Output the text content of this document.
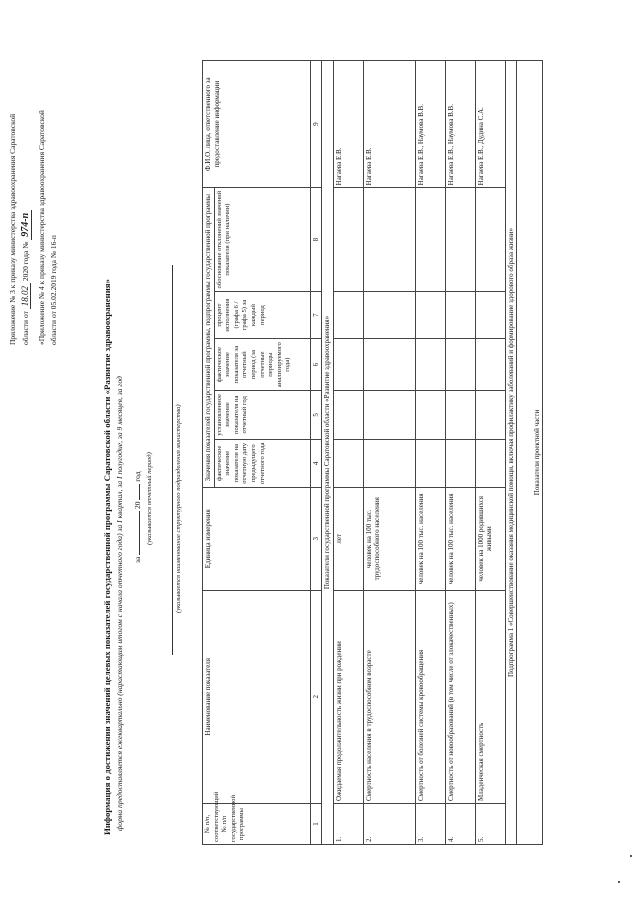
Приложение № 3 к приказу министерства здравоохранения Саратовской области от 18.02 2020 года № 974-п «Приложение № 4 к приказу министерства здравоохранения Саратовской области от 05.02.2019 года № 16-п	Информация о достижении значений целевых показателей государственной программы Саратовской области «Развитие здравоохранения» форма предоставляется ежеквартально (нарастающим итогом с начала отчетного года) за I квартал, за I полугодие, за 9 месяцев, за год за  20  год (указывается отчетный период)	(указывается наименование структурного подразделения министерства)
№ п/п, соответствующий № п/п государственной программы	Наименование показателя	Единица измерения	Значения показателей государственной программы, подпрограммы государственной программы					Ф.И.О. лица, ответственного за предоставление информации
			фактическое значение показателя на отчетную дату предыдущего отчетного года	установленное значение показателя на отчетный год	фактическое значение показателя за отчетный период (за отчетные периоды анализируемого года)	процент исполнения (графа 6 / графа 5) за каждый период	обоснование отклонений значений показателя (при наличии)	
1	2	3	4	5	6	7	8	9
Показатели государственной программы Саратовской области «Развитие здравоохранения»								
1.	Ожидаемая продолжительность жизни при рождении	лет						Нагаева Е.В.
2.	Смертность населения в трудоспособном возрасте	человек на 100 тыс. трудоспособного населения						Нагаева Е.В.
3.	Смертность от болезней системы кровообращения	человек на 100 тыс. населения						Нагаева Е.В., Наумова В.В.
4.	Смертность от новообразований (в том числе от злокачественных)	человек на 100 тыс. населения						Нагаева Е.В., Наумова В.В.
5.	Младенческая смертность	человек на 1000 родившихся живыми						Нагаева Е.В., Дудина С.А.
Подпрограмма 1 «Совершенствование оказания медицинской помощи, включая профилактику заболеваний и формирование здорового образа жизни»								
Показатели проектной части								
